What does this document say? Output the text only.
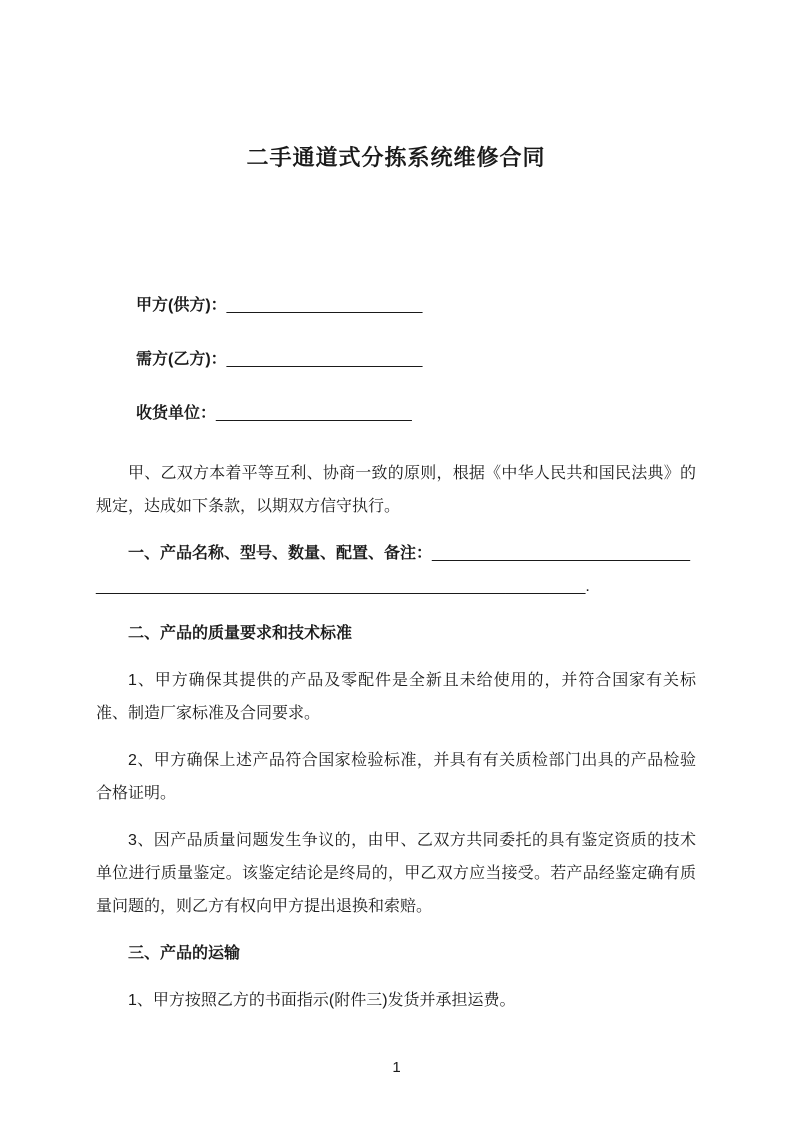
二手通道式分拣系统维修合同

甲方(供方)：______________________

需方(乙方)：______________________

收货单位：______________________

甲、乙双方本着平等互利、协商一致的原则，根据《中华人民共和国民法典》的规定，达成如下条款，以期双方信守执行。

一、产品名称、型号、数量、配置、备注：____________________________________________________________________________________.

二、产品的质量要求和技术标准

1、甲方确保其提供的产品及零配件是全新且未给使用的，并符合国家有关标准、制造厂家标准及合同要求。

2、甲方确保上述产品符合国家检验标准，并具有有关质检部门出具的产品检验合格证明。

3、因产品质量问题发生争议的，由甲、乙双方共同委托的具有鉴定资质的技术单位进行质量鉴定。该鉴定结论是终局的，甲乙双方应当接受。若产品经鉴定确有质量问题的，则乙方有权向甲方提出退换和索赔。

三、产品的运输

1、甲方按照乙方的书面指示(附件三)发货并承担运费。

1
